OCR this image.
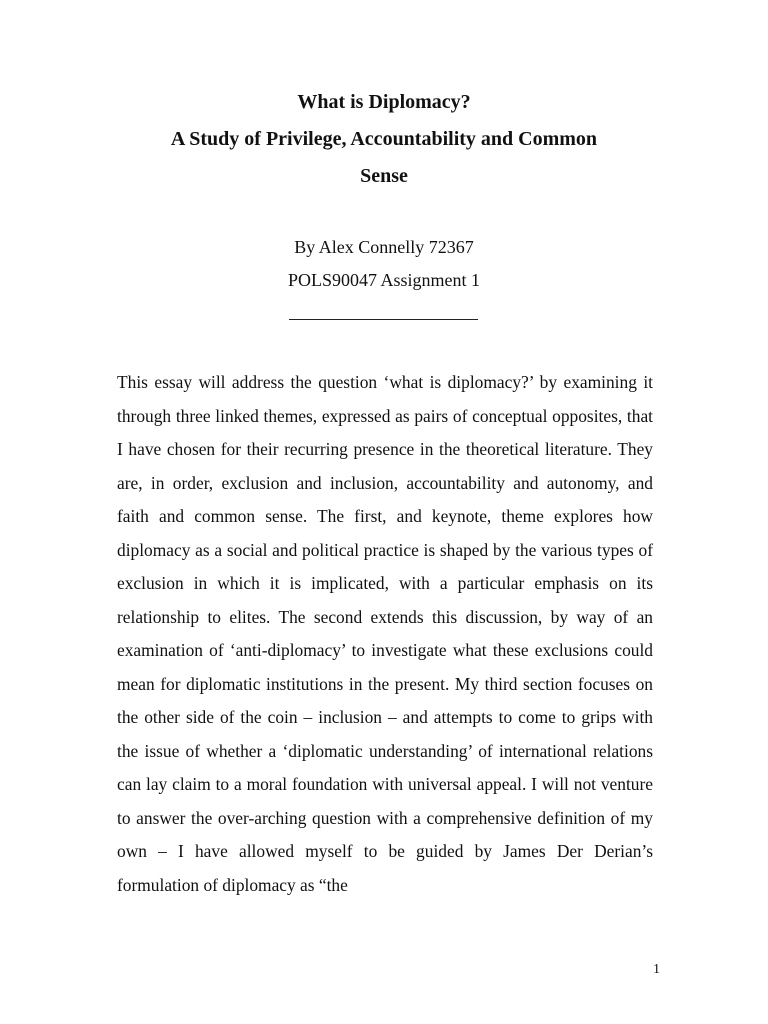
What is Diplomacy?

A Study of Privilege, Accountability and Common

Sense

By Alex Connelly 72367

POLS90047 Assignment 1

This essay will address the question ‘what is diplomacy?’ by examining it through three linked themes, expressed as pairs of conceptual opposites, that I have chosen for their recurring presence in the theoretical literature. They are, in order, exclusion and inclusion, accountability and autonomy, and faith and common sense. The first, and keynote, theme explores how diplomacy as a social and political practice is shaped by the various types of exclusion in which it is implicated, with a particular emphasis on its relationship to elites. The second extends this discussion, by way of an examination of ‘anti-diplomacy’ to investigate what these exclusions could mean for diplomatic institutions in the present. My third section focuses on the other side of the coin – inclusion – and attempts to come to grips with the issue of whether a ‘diplomatic understanding’ of international relations can lay claim to a moral foundation with universal appeal. I will not venture to answer the over-arching question with a comprehensive definition of my own – I have allowed myself to be guided by James Der Derian’s formulation of diplomacy as “the

1
